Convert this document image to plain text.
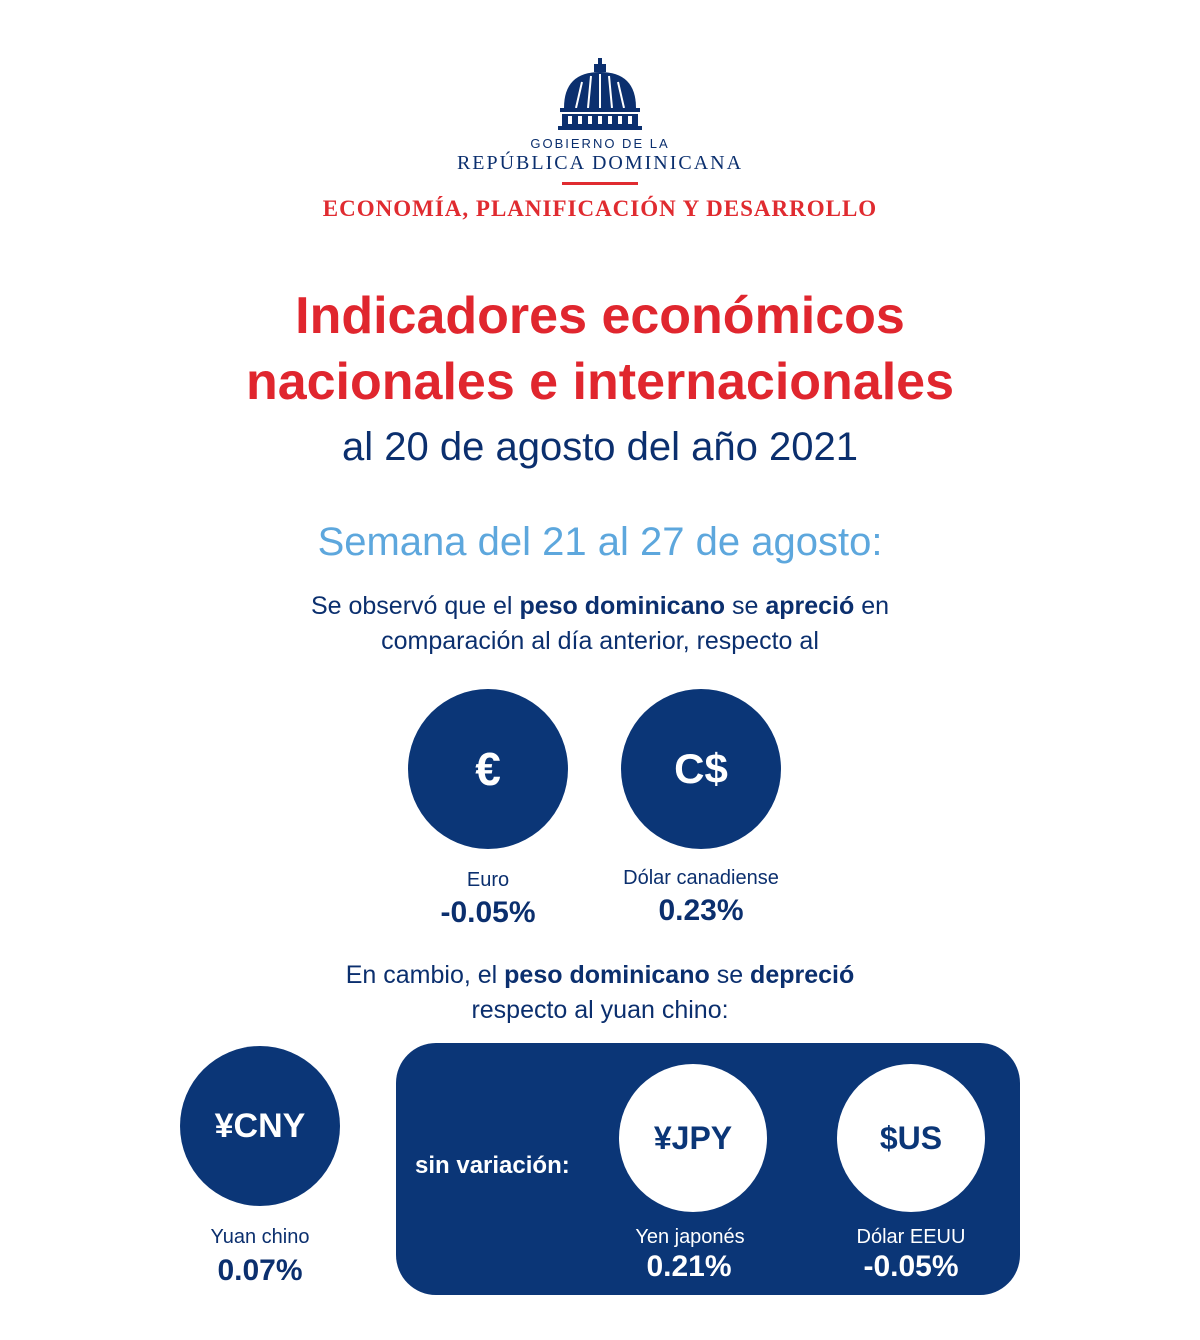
GOBIERNO DE LA
REPÚBLICA DOMINICANA
ECONOMÍA, PLANIFICACIÓN Y DESARROLLO
Indicadores económicos
nacionales e internacionales
al 20 de agosto del año 2021
Semana del 21 al 27 de agosto:
Se observó que el peso dominicano se apreció en
comparación al día anterior, respecto al
€
Euro
-0.05%
C$
Dólar canadiense
0.23%
En cambio, el peso dominicano se depreció
respecto al yuan chino:
¥CNY
Yuan chino
0.07%
sin variación:
¥JPY
Yen japonés
0.21%
$US
Dólar EEUU
-0.05%
